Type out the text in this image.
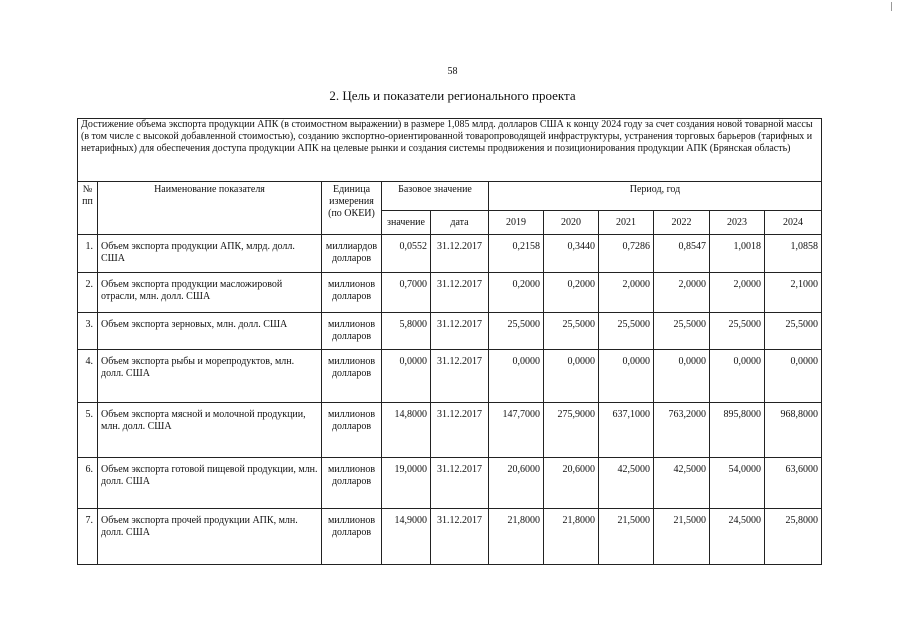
58
2. Цель и показатели регионального проекта
Достижение объема экспорта продукции АПК (в стоимостном выражении) в размере 1,085 млрд. долларов США к концу 2024 году за счет создания новой товарной массы (в том числе с высокой добавленной стоимостью), созданию экспортно-ориентированной товаропроводящей инфраструктуры, устранения торговых барьеров (тарифных и нетарифных) для обеспечения доступа продукции АПК на целевые рынки и создания системы продвижения и позиционирования продукции АПК (Брянская область)										
№ пп	Наименование показателя	Единица измерения (по ОКЕИ)	Базовое значение		Период, год					
			значение	дата	2019	2020	2021	2022	2023	2024
1.	Объем экспорта продукции АПК, млрд. долл. США	миллиардов долларов	0,0552	31.12.2017	0,2158	0,3440	0,7286	0,8547	1,0018	1,0858
2.	Объем экспорта продукции масложировой отрасли, млн. долл. США	миллионов долларов	0,7000	31.12.2017	0,2000	0,2000	2,0000	2,0000	2,0000	2,1000
3.	Объем экспорта зерновых, млн. долл. США	миллионов долларов	5,8000	31.12.2017	25,5000	25,5000	25,5000	25,5000	25,5000	25,5000
4.	Объем экспорта рыбы и морепродуктов, млн. долл. США	миллионов долларов	0,0000	31.12.2017	0,0000	0,0000	0,0000	0,0000	0,0000	0,0000
5.	Объем экспорта мясной и молочной продукции, млн. долл. США	миллионов долларов	14,8000	31.12.2017	147,7000	275,9000	637,1000	763,2000	895,8000	968,8000
6.	Объем экспорта готовой пищевой продукции, млн. долл. США	миллионов долларов	19,0000	31.12.2017	20,6000	20,6000	42,5000	42,5000	54,0000	63,6000
7.	Объем экспорта прочей продукции АПК, млн. долл. США	миллионов долларов	14,9000	31.12.2017	21,8000	21,8000	21,5000	21,5000	24,5000	25,8000
